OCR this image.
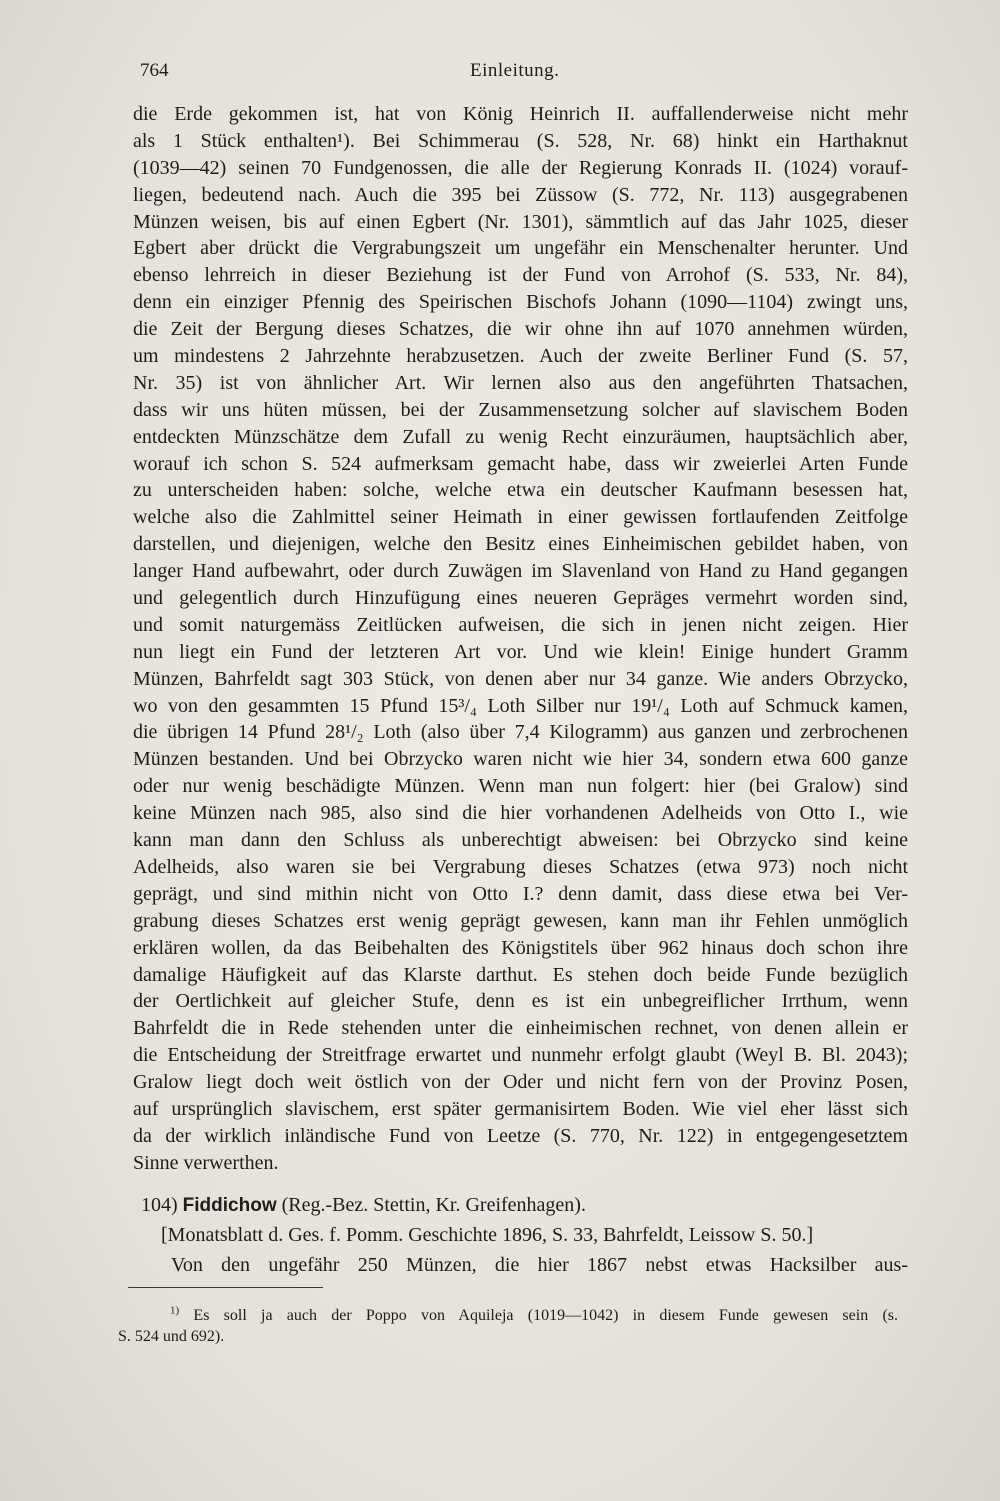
764	Einleitung.
die Erde gekommen ist, hat von König Heinrich II. auffallenderweise nicht mehr
als 1 Stück enthalten¹). Bei Schimmerau (S. 528, Nr. 68) hinkt ein Harthaknut
(1039—42) seinen 70 Fundgenossen, die alle der Regierung Konrads II. (1024) vorauf-
liegen, bedeutend nach. Auch die 395 bei Züssow (S. 772, Nr. 113) ausgegrabenen
Münzen weisen, bis auf einen Egbert (Nr. 1301), sämmtlich auf das Jahr 1025, dieser
Egbert aber drückt die Vergrabungszeit um ungefähr ein Menschenalter herunter. Und
ebenso lehrreich in dieser Beziehung ist der Fund von Arrohof (S. 533, Nr. 84),
denn ein einziger Pfennig des Speirischen Bischofs Johann (1090—1104) zwingt uns,
die Zeit der Bergung dieses Schatzes, die wir ohne ihn auf 1070 annehmen würden,
um mindestens 2 Jahrzehnte herabzusetzen. Auch der zweite Berliner Fund (S. 57,
Nr. 35) ist von ähnlicher Art. Wir lernen also aus den angeführten Thatsachen,
dass wir uns hüten müssen, bei der Zusammensetzung solcher auf slavischem Boden
entdeckten Münzschätze dem Zufall zu wenig Recht einzuräumen, hauptsächlich aber,
worauf ich schon S. 524 aufmerksam gemacht habe, dass wir zweierlei Arten Funde
zu unterscheiden haben: solche, welche etwa ein deutscher Kaufmann besessen hat,
welche also die Zahlmittel seiner Heimath in einer gewissen fortlaufenden Zeitfolge
darstellen, und diejenigen, welche den Besitz eines Einheimischen gebildet haben, von
langer Hand aufbewahrt, oder durch Zuwägen im Slavenland von Hand zu Hand gegangen
und gelegentlich durch Hinzufügung eines neueren Gepräges vermehrt worden sind,
und somit naturgemäss Zeitlücken aufweisen, die sich in jenen nicht zeigen. Hier
nun liegt ein Fund der letzteren Art vor. Und wie klein! Einige hundert Gramm
Münzen, Bahrfeldt sagt 303 Stück, von denen aber nur 34 ganze. Wie anders Obrzycko,
wo von den gesammten 15 Pfund 15³/₄ Loth Silber nur 19¹/₄ Loth auf Schmuck kamen,
die übrigen 14 Pfund 28¹/₂ Loth (also über 7,4 Kilogramm) aus ganzen und zerbrochenen
Münzen bestanden. Und bei Obrzycko waren nicht wie hier 34, sondern etwa 600 ganze
oder nur wenig beschädigte Münzen. Wenn man nun folgert: hier (bei Gralow) sind
keine Münzen nach 985, also sind die hier vorhandenen Adelheids von Otto I., wie
kann man dann den Schluss als unberechtigt abweisen: bei Obrzycko sind keine
Adelheids, also waren sie bei Vergrabung dieses Schatzes (etwa 973) noch nicht
geprägt, und sind mithin nicht von Otto I.? denn damit, dass diese etwa bei Ver-
grabung dieses Schatzes erst wenig geprägt gewesen, kann man ihr Fehlen unmöglich
erklären wollen, da das Beibehalten des Königstitels über 962 hinaus doch schon ihre
damalige Häufigkeit auf das Klarste darthut. Es stehen doch beide Funde bezüglich
der Oertlichkeit auf gleicher Stufe, denn es ist ein unbegreiflicher Irrthum, wenn
Bahrfeldt die in Rede stehenden unter die einheimischen rechnet, von denen allein er
die Entscheidung der Streitfrage erwartet und nunmehr erfolgt glaubt (Weyl B. Bl. 2043);
Gralow liegt doch weit östlich von der Oder und nicht fern von der Provinz Posen,
auf ursprünglich slavischem, erst später germanisirtem Boden. Wie viel eher lässt sich
da der wirklich inländische Fund von Leetze (S. 770, Nr. 122) in entgegengesetztem
Sinne verwerthen.
104) Fiddichow (Reg.-Bez. Stettin, Kr. Greifenhagen).
[Monatsblatt d. Ges. f. Pomm. Geschichte 1896, S. 33, Bahrfeldt, Leissow S. 50.]
Von den ungefähr 250 Münzen, die hier 1867 nebst etwas Hacksilber aus-
$^{1)}$ Es soll ja auch der Poppo von Aquileja (1019—1042) in diesem Funde gewesen sein (s.
S. 524 und 692).
